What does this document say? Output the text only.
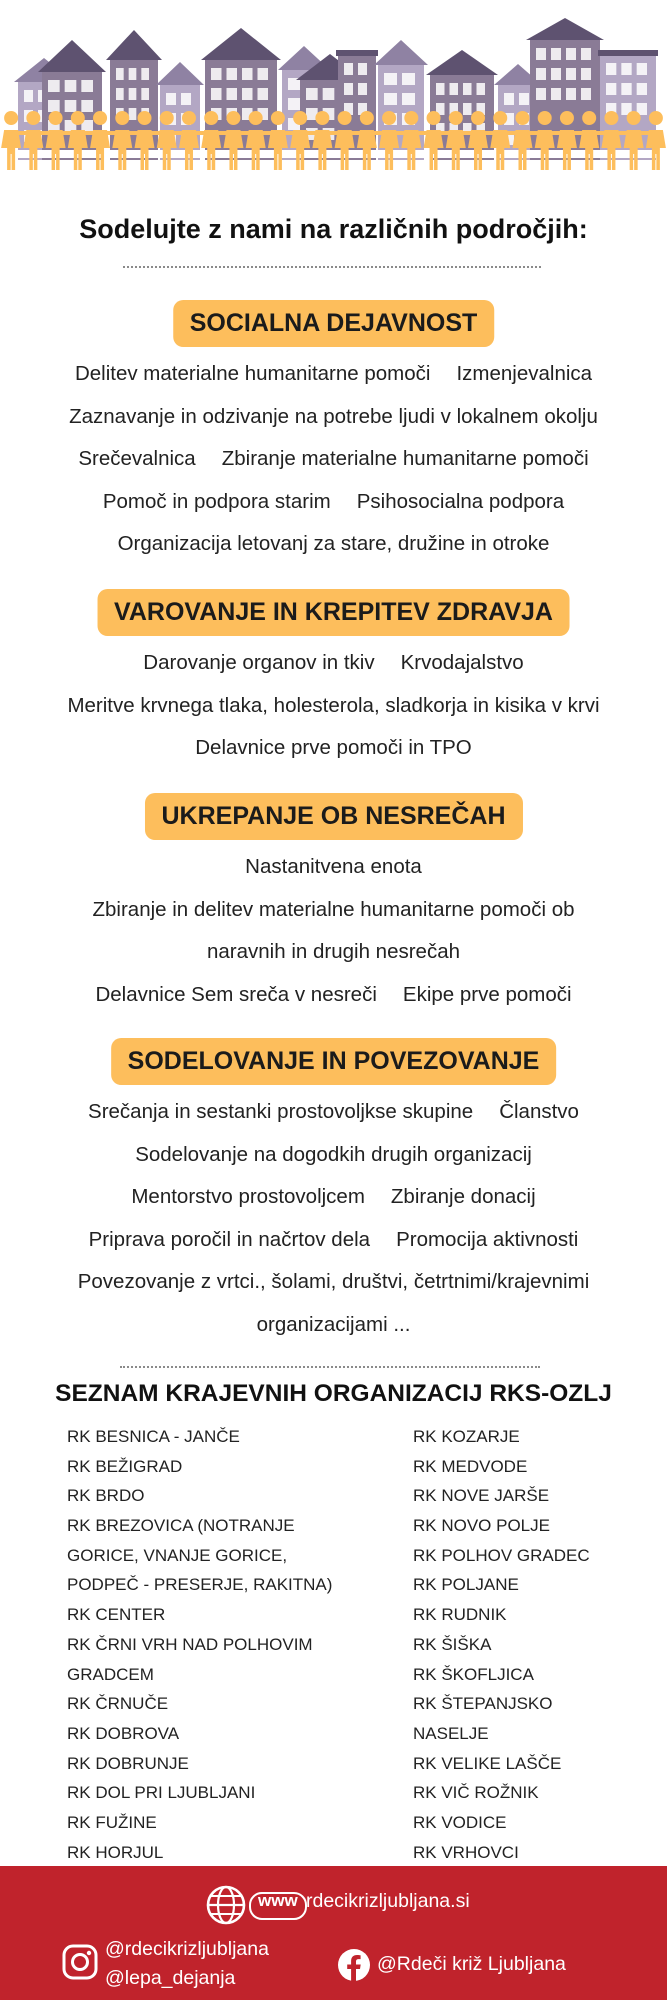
Sodelujte z nami na različnih področjih:
SOCIALNA DEJAVNOST
Delitev materialne humanitarne pomoči Izmenjevalnica
Zaznavanje in odzivanje na potrebe ljudi v lokalnem okolju
Srečevalnica Zbiranje materialne humanitarne pomoči
Pomoč in podpora starim Psihosocialna podpora
Organizacija letovanj za stare, družine in otroke
VAROVANJE IN KREPITEV ZDRAVJA
Darovanje organov in tkiv Krvodajalstvo
Meritve krvnega tlaka, holesterola, sladkorja in kisika v krvi
Delavnice prve pomoči in TPO
UKREPANJE OB NESREČAH
Nastanitvena enota
Zbiranje in delitev materialne humanitarne pomoči ob
naravnih in drugih nesrečah
Delavnice Sem sreča v nesreči Ekipe prve pomoči
SODELOVANJE IN POVEZOVANJE
Srečanja in sestanki prostovoljkse skupine Članstvo
Sodelovanje na dogodkih drugih organizacij
Mentorstvo prostovoljcem Zbiranje donacij
Priprava poročil in načrtov dela Promocija aktivnosti
Povezovanje z vrtci., šolami, društvi, četrtnimi/krajevnimi
organizacijami ...
SEZNAM KRAJEVNIH ORGANIZACIJ RKS-OZLJ
RK BESNICA - JANČE
RK BEŽIGRAD
RK BRDO
RK BREZOVICA (NOTRANJE
GORICE, VNANJE GORICE,
PODPEČ - PRESERJE, RAKITNA)
RK CENTER
RK ČRNI VRH NAD POLHOVIM
GRADCEM
RK ČRNUČE
RK DOBROVA
RK DOBRUNJE
RK DOL PRI LJUBLJANI
RK FUŽINE
RK HORJUL
RK KOZARJE
RK MEDVODE
RK NOVE JARŠE
RK NOVO POLJE
RK POLHOV GRADEC
RK POLJANE
RK RUDNIK
RK ŠIŠKA
RK ŠKOFLJICA
RK ŠTEPANJSKO
NASELJE
RK VELIKE LAŠČE
RK VIČ ROŽNIK
RK VODICE
RK VRHOVCI
www rdecikrizljubljana.si
@rdecikrizljubljana
@lepa_dejanja
@Rdeči križ Ljubljana
